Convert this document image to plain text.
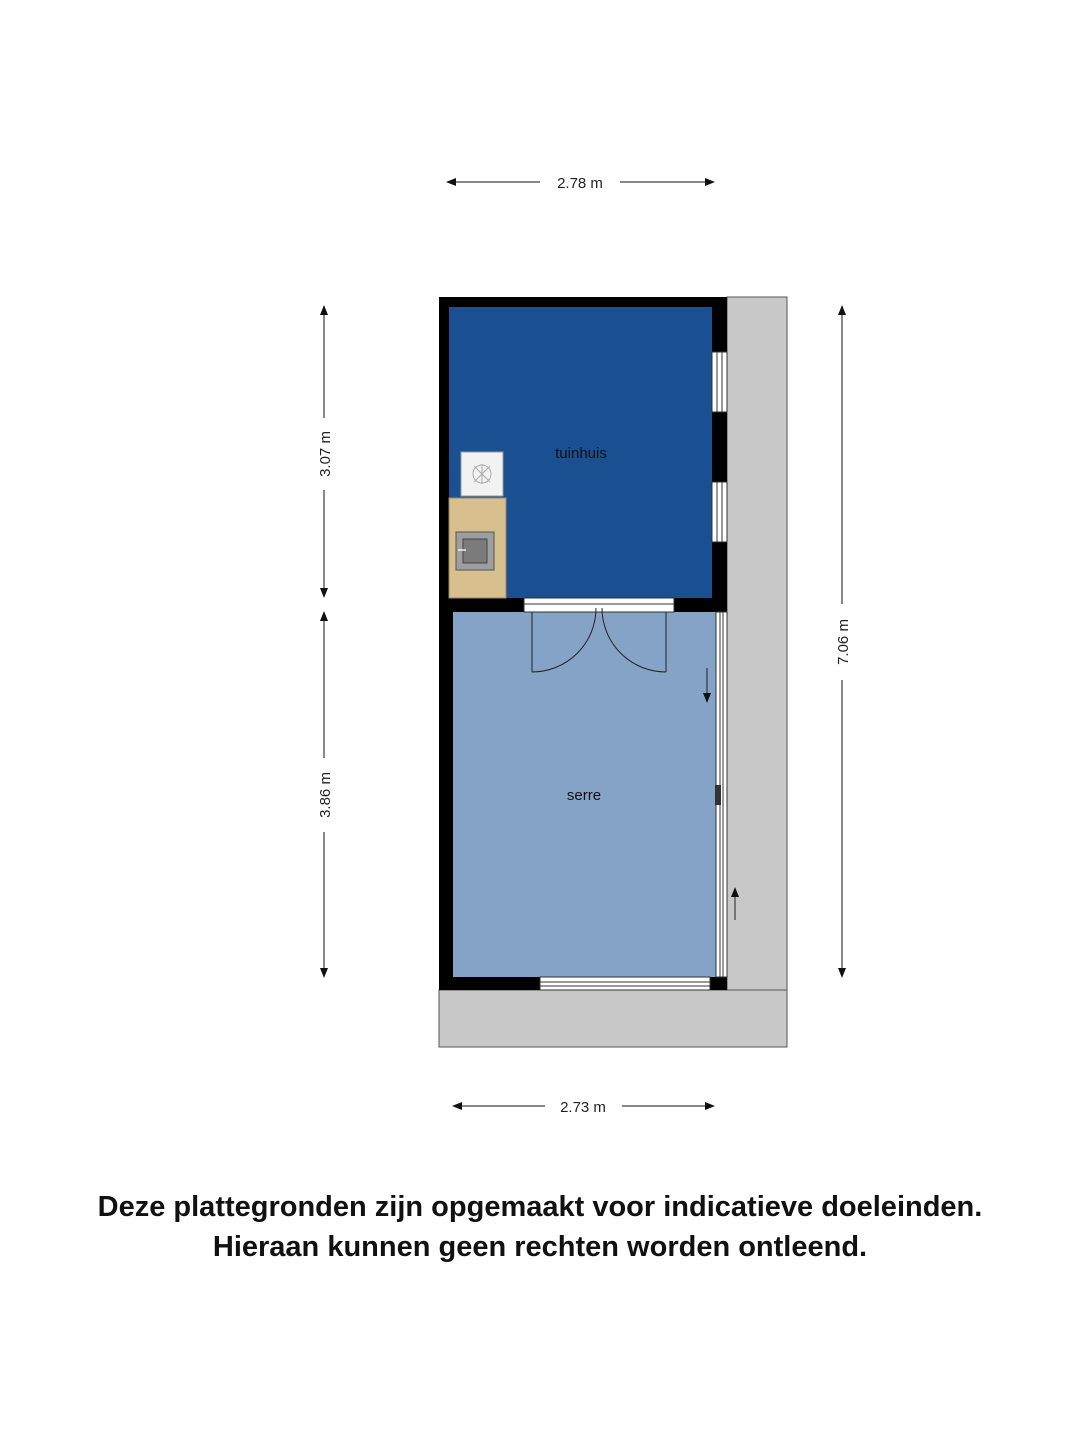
tuinhuis
serre
2.78 m
2.73 m
3.07 m
3.86 m
7.06 m
Deze plattegronden zijn opgemaakt voor indicatieve doeleinden.
Hieraan kunnen geen rechten worden ontleend.
